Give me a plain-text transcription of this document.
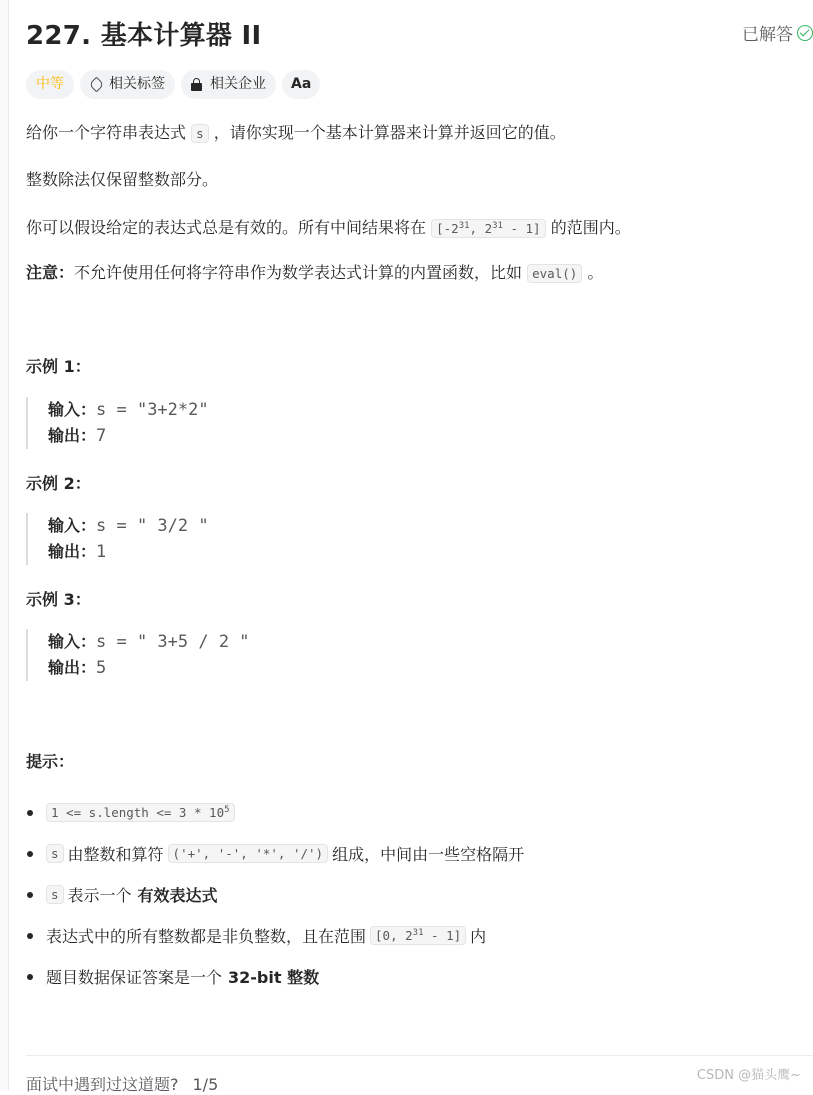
227. 基本计算器 II	已解答
中等	相关标签	相关企业 Aa

给你一个字符串表达式 s ，请你实现一个基本计算器来计算并返回它的值。

整数除法仅保留整数部分。

你可以假设给定的表达式总是有效的。所有中间结果将在 [$-2^{31}$, $2^{31} - 1$] 的范围内。

注意：不允许使用任何将字符串作为数学表达式计算的内置函数，比如 eval() 。

示例 1：
输入：s = "3+2*2"
输出：7
示例 2：
输入：s = " 3/2 "
输出：1
示例 3：
输入：s = " 3+5 / 2 "
输出：5
提示：
1 <= s.length <= $3 * 10^5$
s 由整数和算符 ('+', '-', '*', '/') 组成，中间由一些空格隔开
s 表示一个 有效表达式
表达式中的所有整数都是非负整数，且在范围 [0, $2^{31} - 1$] 内
题目数据保证答案是一个 32-bit 整数
面试中遇到过这道题? 1/5	CSDN @猫头鹰~
